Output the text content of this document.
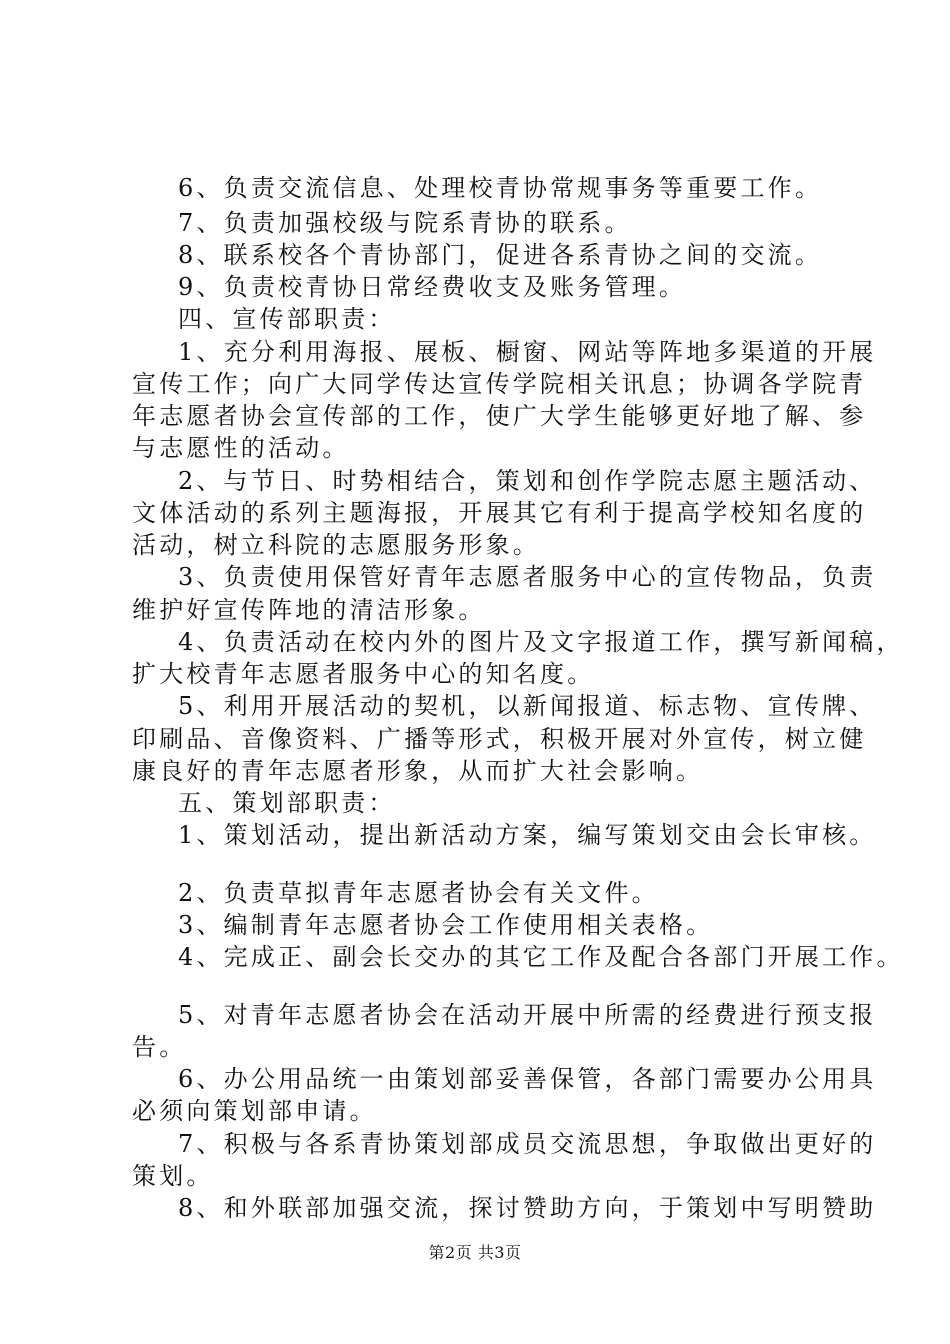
6、负责交流信息、处理校青协常规事务等重要工作。
7、负责加强校级与院系青协的联系。
8、联系校各个青协部门，促进各系青协之间的交流。
9、负责校青协日常经费收支及账务管理。
四、宣传部职责：
1、充分利用海报、展板、橱窗、网站等阵地多渠道的开展
宣传工作；向广大同学传达宣传学院相关讯息；协调各学院青
年志愿者协会宣传部的工作，使广大学生能够更好地了解、参
与志愿性的活动。
2、与节日、时势相结合，策划和创作学院志愿主题活动、
文体活动的系列主题海报，开展其它有利于提高学校知名度的
活动，树立科院的志愿服务形象。
3、负责使用保管好青年志愿者服务中心的宣传物品，负责
维护好宣传阵地的清洁形象。
4、负责活动在校内外的图片及文字报道工作，撰写新闻稿，
扩大校青年志愿者服务中心的知名度。
5、利用开展活动的契机，以新闻报道、标志物、宣传牌、
印刷品、音像资料、广播等形式，积极开展对外宣传，树立健
康良好的青年志愿者形象，从而扩大社会影响。
五、策划部职责：
1、策划活动，提出新活动方案，编写策划交由会长审核。
2、负责草拟青年志愿者协会有关文件。
3、编制青年志愿者协会工作使用相关表格。
4、完成正、副会长交办的其它工作及配合各部门开展工作。
5、对青年志愿者协会在活动开展中所需的经费进行预支报
告。
6、办公用品统一由策划部妥善保管，各部门需要办公用具
必须向策划部申请。
7、积极与各系青协策划部成员交流思想，争取做出更好的
策划。
8、和外联部加强交流，探讨赞助方向，于策划中写明赞助
第2页 共3页
